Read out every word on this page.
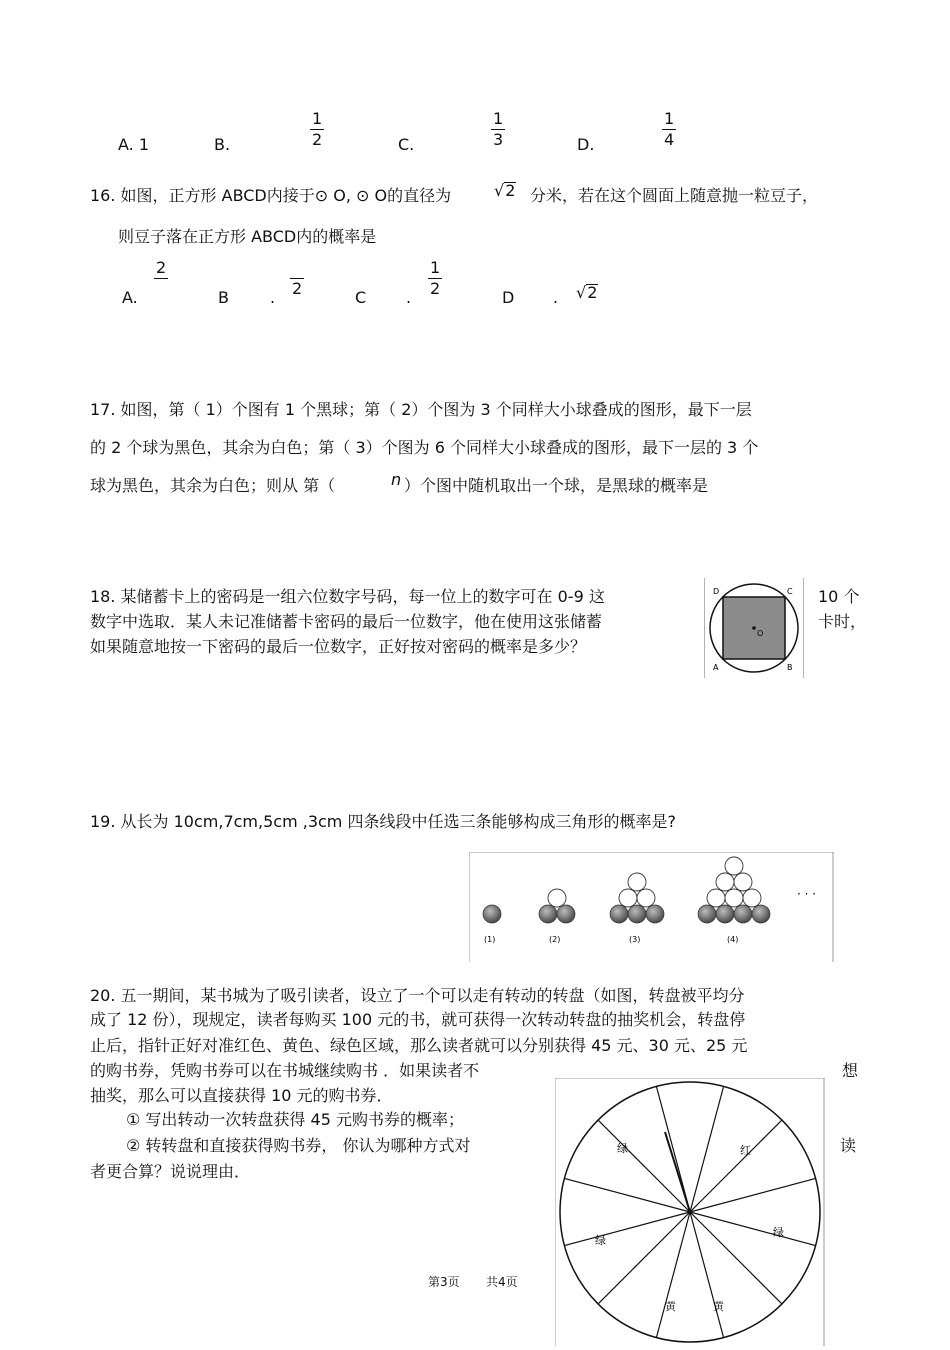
A. 1	B.	$\frac{1}{2}$	C.	$\frac{1}{3}$	D.	$\frac{1}{4}$
16. 如图，正方形 ABCD内接于⊙ O, ⊙ O的直径为	√2 分米，若在这个圆面上随意抛一粒豆子，
则豆子落在正方形 ABCD内的概率是
A.
2

B	.
2	C .
$\frac{1}{2}$
D . √2
17. 如图，第（ 1）个图有 1 个黑球；第（ 2）个图为 3 个同样大小球叠成的图形，最下一层
的 2 个球为黑色，其余为白色；第（ 3）个图为 6 个同样大小球叠成的图形，最下一层的 3 个
球为黑色，其余为白色；则从 第（	n ）个图中随机取出一个球，是黑球的概率是
18. 某储蓄卡上的密码是一组六位数字号码，每一位上的数字可在 0-9 这	10 个
数字中选取．某人未记准储蓄卡密码的最后一位数字，他在使用这张储蓄	卡时，
如果随意地按一下密码的最后一位数字，正好按对密码的概率是多少？
O
D	C
A	B
19. 从长为 10cm,7cm,5cm ,3cm 四条线段中任选三条能够构成三角形的概率是?
· · ·
(1)	(2)	(3)	(4)
20. 五一期间，某书城为了吸引读者，设立了一个可以走有转动的转盘（如图，转盘被平均分
成了 12 份），现规定，读者每购买 100 元的书，就可获得一次转动转盘的抽奖机会，转盘停
止后，指针正好对准红色、黄色、绿色区域，那么读者就可以分别获得 45 元、30 元、25 元
的购书券，凭购书券可以在书城继续购书 ．如果读者不	想
抽奖，那么可以直接获得 10 元的购书券．
① 写出转动一次转盘获得 45 元购书券的概率；
② 转转盘和直接获得购书券， 你认为哪种方式对	读
者更合算？说说理由．
绿	红
绿
绿
黄	黄
第3页 共4页
